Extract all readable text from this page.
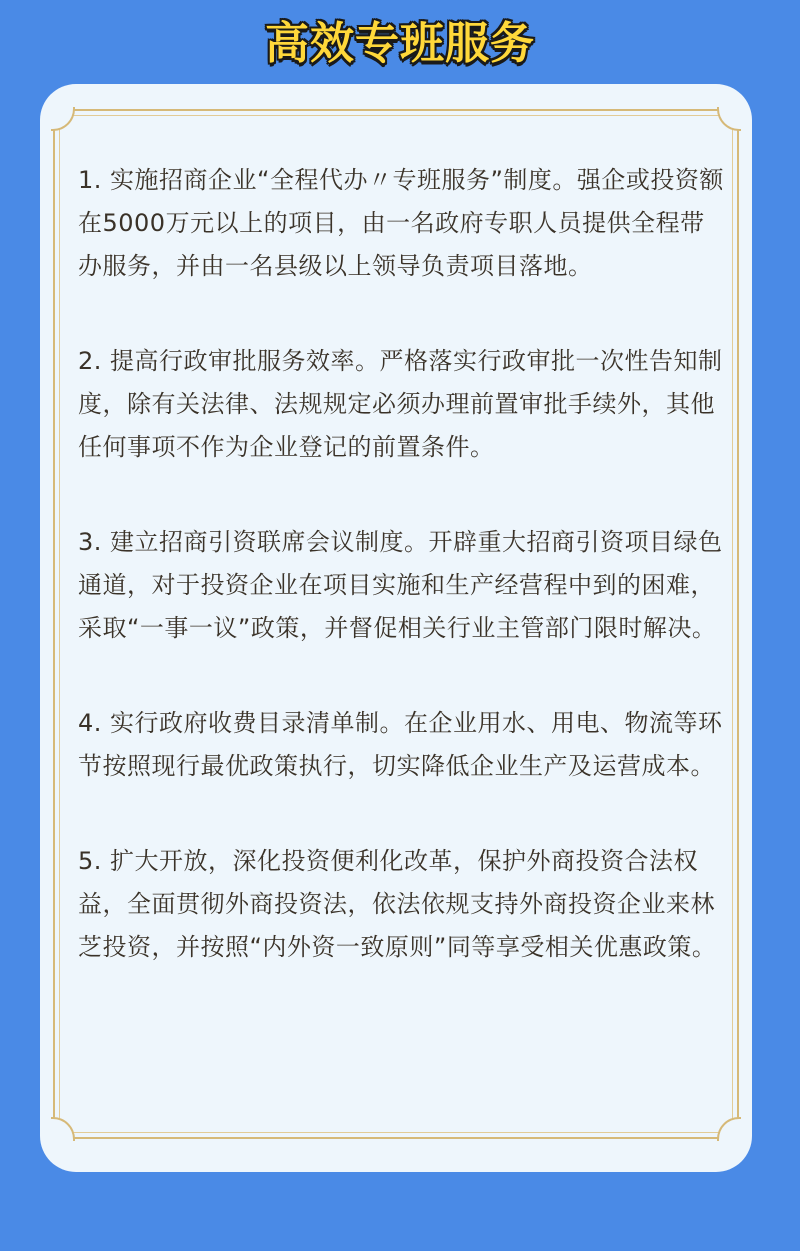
高效专班服务

1. 实施招商企业“全程代办〃专班服务”制度。强企或投资额在5000万元以上的项目，由一名政府专职人员提供全程带办服务，并由一名县级以上领导负责项目落地。

2. 提高行政审批服务效率。严格落实行政审批一次性告知制度，除有关法律、法规规定必须办理前置审批手续外，其他任何事项不作为企业登记的前置条件。

3. 建立招商引资联席会议制度。开辟重大招商引资项目绿色通道，对于投资企业在项目实施和生产经营程中到的困难，采取“一事一议”政策，并督促相关行业主管部门限时解决。

4. 实行政府收费目录清单制。在企业用水、用电、物流等环节按照现行最优政策执行，切实降低企业生产及运营成本。

5. 扩大开放，深化投资便利化改革，保护外商投资合法权益，全面贯彻外商投资法，依法依规支持外商投资企业来林芝投资，并按照“内外资一致原则”同等享受相关优惠政策。
